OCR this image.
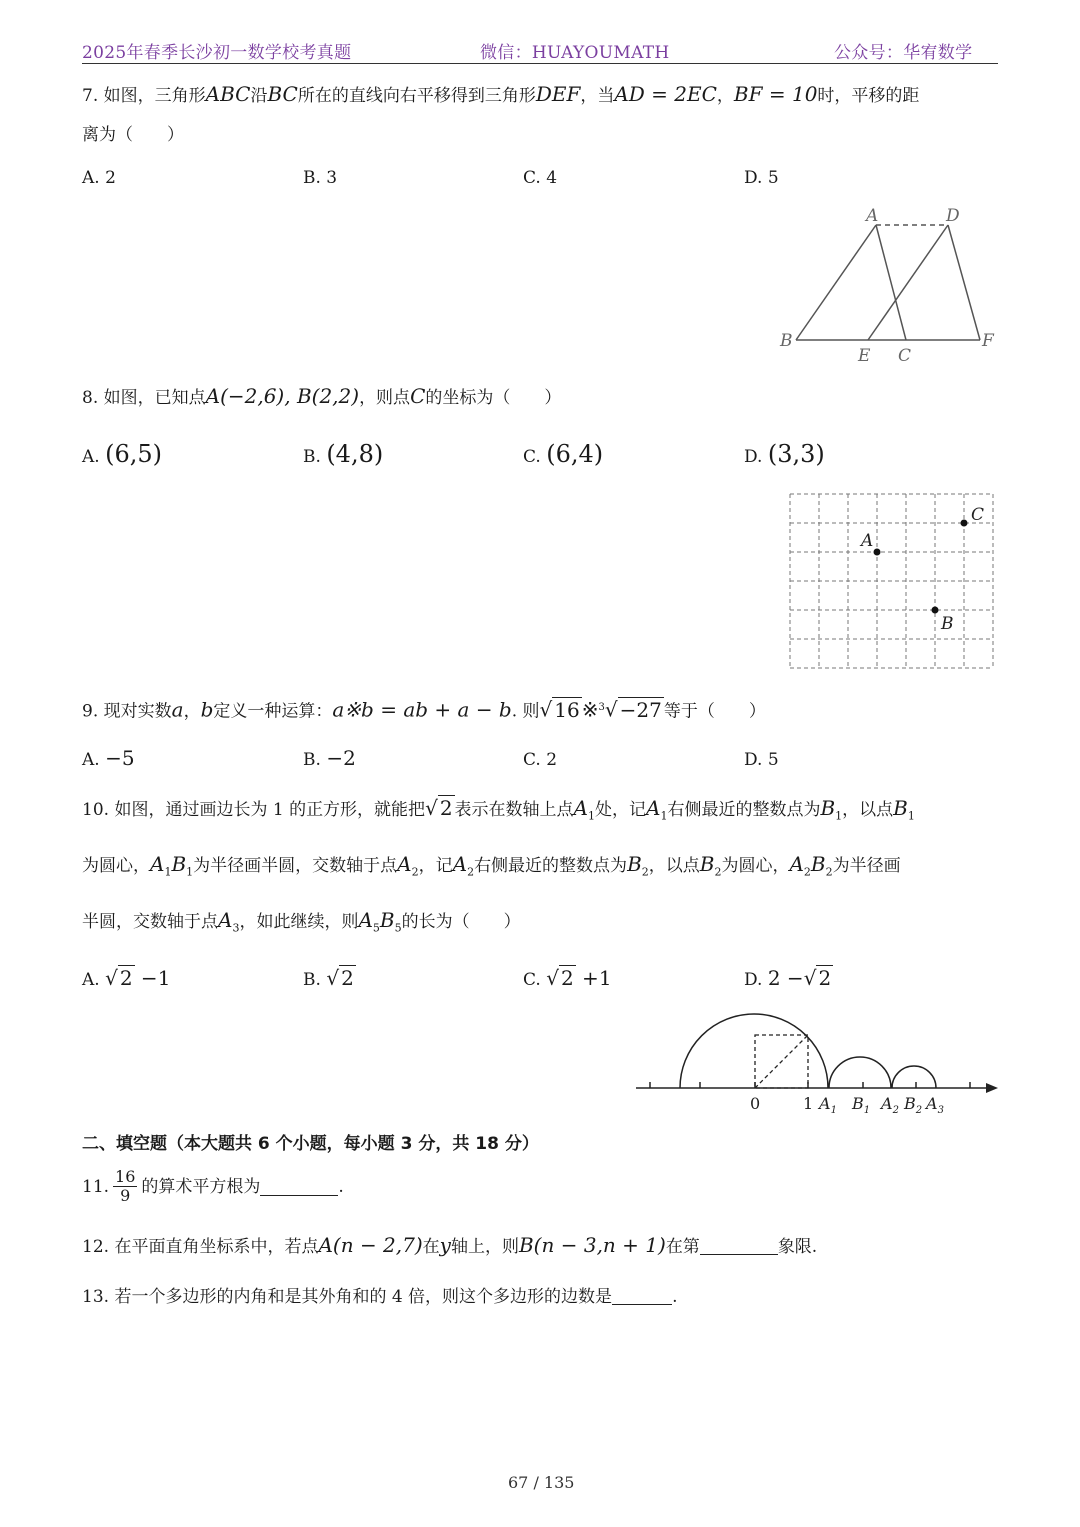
2025年春季长沙初一数学校考真题	微信：HUAYOUMATH	公众号：华宥数学
7. 如图，三角形ABC沿BC所在的直线向右平移得到三角形DEF，当AD = 2EC，BF = 10时，平移的距
离为（　　）
A. 2	B. 3	C. 4	D. 5
A	D
B
E C
F
8. 如图，已知点A(−2,6), B(2,2)，则点C的坐标为（　　）
A. (6,5)	B. (4,8)	C. (6,4)	D. (3,3)
A
B
C
9. 现对实数a，b定义一种运算：a※b = ab + a − b. 则√ 16 ※$^3$√ −27 等于（　　）
A. −5	B. −2	C. 2	D. 5
10. 如图，通过画边长为 1 的正方形，就能把√ 2 表示在数轴上点$A_1$处，记$A_1$右侧最近的整数点为$B_1$，以点$B_1$
为圆心，$A_1B_1$为半径画半圆，交数轴于点$A_2$，记$A_2$右侧最近的整数点为$B_2$，以点$B_2$为圆心，$A_2B_2$为半径画
半圆，交数轴于点$A_3$，如此继续，则$A_5B_5$的长为（　　）
A. √ 2 −1	B. √ 2	C. √ 2 +1	D. 2 −√ 2
0	1 $A_1$ $B_1$ $A_2$ $B_2$ $A_3$
二、填空题（本大题共 6 个小题，每小题 3 分，共 18 分）
11. $\frac{16}{9}$ 的算术平方根为	.
12. 在平面直角坐标系中，若点A(n − 2,7)在y轴上，则B(n − 3,n + 1)在第	象限.
13. 若一个多边形的内角和是其外角和的 4 倍，则这个多边形的边数是	.
67 / 135
